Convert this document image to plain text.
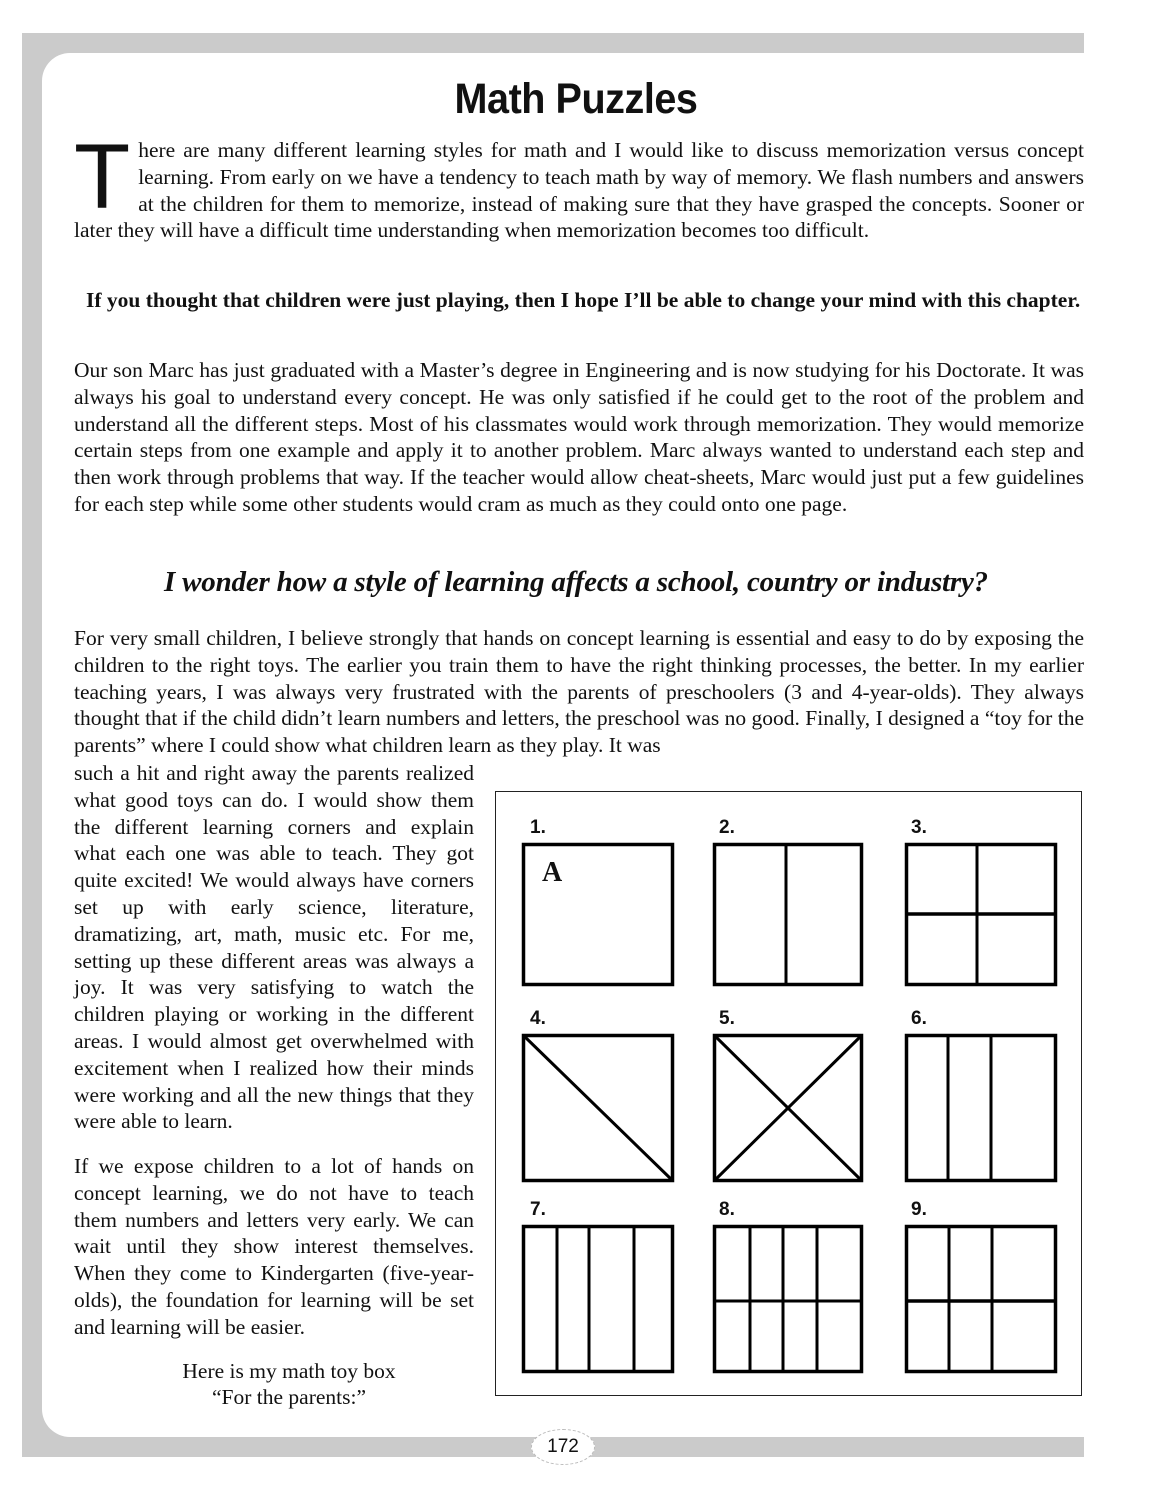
Math Puzzles
There are many different learning styles for math and I would like to discuss memorization versus concept learning. From early on we have a tendency to teach math by way of memory. We flash numbers and answers at the children for them to memorize, instead of making sure that they have grasped the concepts. Sooner or later they will have a difficult time understanding when memorization becomes too difficult.
If you thought that children were just playing, then I hope I’ll be able to change your mind with this chapter.
Our son Marc has just graduated with a Master’s degree in Engineering and is now studying for his Doctorate. It was always his goal to understand every concept. He was only satisfied if he could get to the root of the problem and understand all the different steps. Most of his classmates would work through memorization. They would memorize certain steps from one example and apply it to another problem. Marc always wanted to understand each step and then work through problems that way. If the teacher would allow cheat-sheets, Marc would just put a few guidelines for each step while some other students would cram as much as they could onto one page.
I wonder how a style of learning affects a school, country or industry?
For very small children, I believe strongly that hands on concept learning is essential and easy to do by exposing the children to the right toys. The earlier you train them to have the right thinking processes, the better. In my earlier teaching years, I was always very frustrated with the parents of preschoolers (3 and 4-year-olds). They always thought that if the child didn’t learn numbers and letters, the preschool was no good. Finally, I designed a “toy for the parents” where I could show what children learn as they play. It was
such a hit and right away the parents realized what good toys can do. I would show them the different learning corners and explain what each one was able to teach. They got quite excited! We would always have corners set up with early science, literature, dramatizing, art, math, music etc. For me, setting up these different areas was always a joy. It was very satisfying to watch the children playing or working in the different areas. I would almost get overwhelmed with excitement when I realized how their minds were working and all the new things that they were able to learn.
If we expose children to a lot of hands on concept learning, we do not have to teach them numbers and letters very early. We can wait until they show interest themselves. When they come to Kindergarten (five-year-olds), the foundation for learning will be set and learning will be easier.
Here is my math toy box
“For the parents:”
1.
A
2.	3.
4.	5.	6.
7.	8.	9.
172
